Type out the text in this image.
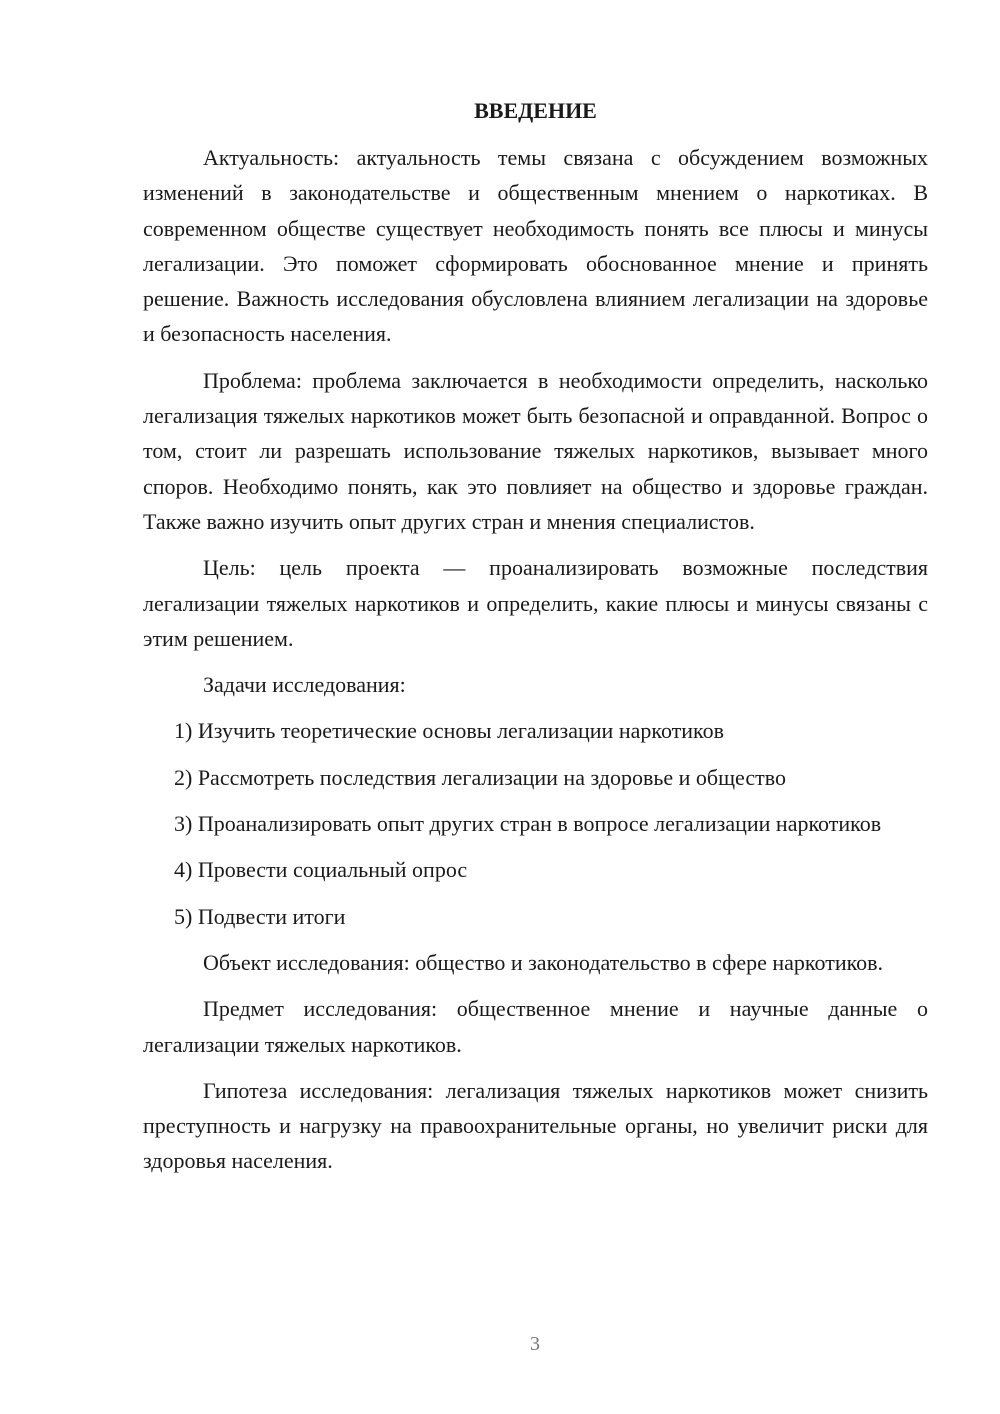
ВВЕДЕНИЕ

Актуальность: актуальность темы связана с обсуждением возможных изменений в законодательстве и общественным мнением о наркотиках. В современном обществе существует необходимость понять все плюсы и минусы легализации. Это поможет сформировать обоснованное мнение и принять решение. Важность исследования обусловлена влиянием легализации на здоровье и безопасность населения.

Проблема: проблема заключается в необходимости определить, насколько легализация тяжелых наркотиков может быть безопасной и оправданной. Вопрос о том, стоит ли разрешать использование тяжелых наркотиков, вызывает много споров. Необходимо понять, как это повлияет на общество и здоровье граждан. Также важно изучить опыт других стран и мнения специалистов.

Цель: цель проекта — проанализировать возможные последствия легализации тяжелых наркотиков и определить, какие плюсы и минусы связаны с этим решением.

Задачи исследования:

1) Изучить теоретические основы легализации наркотиков

2) Рассмотреть последствия легализации на здоровье и общество

3) Проанализировать опыт других стран в вопросе легализации наркотиков

4) Провести социальный опрос

5) Подвести итоги

Объект исследования: общество и законодательство в сфере наркотиков.

Предмет исследования: общественное мнение и научные данные о легализации тяжелых наркотиков.

Гипотеза исследования: легализация тяжелых наркотиков может снизить преступность и нагрузку на правоохранительные органы, но увеличит риски для здоровья населения.

3
